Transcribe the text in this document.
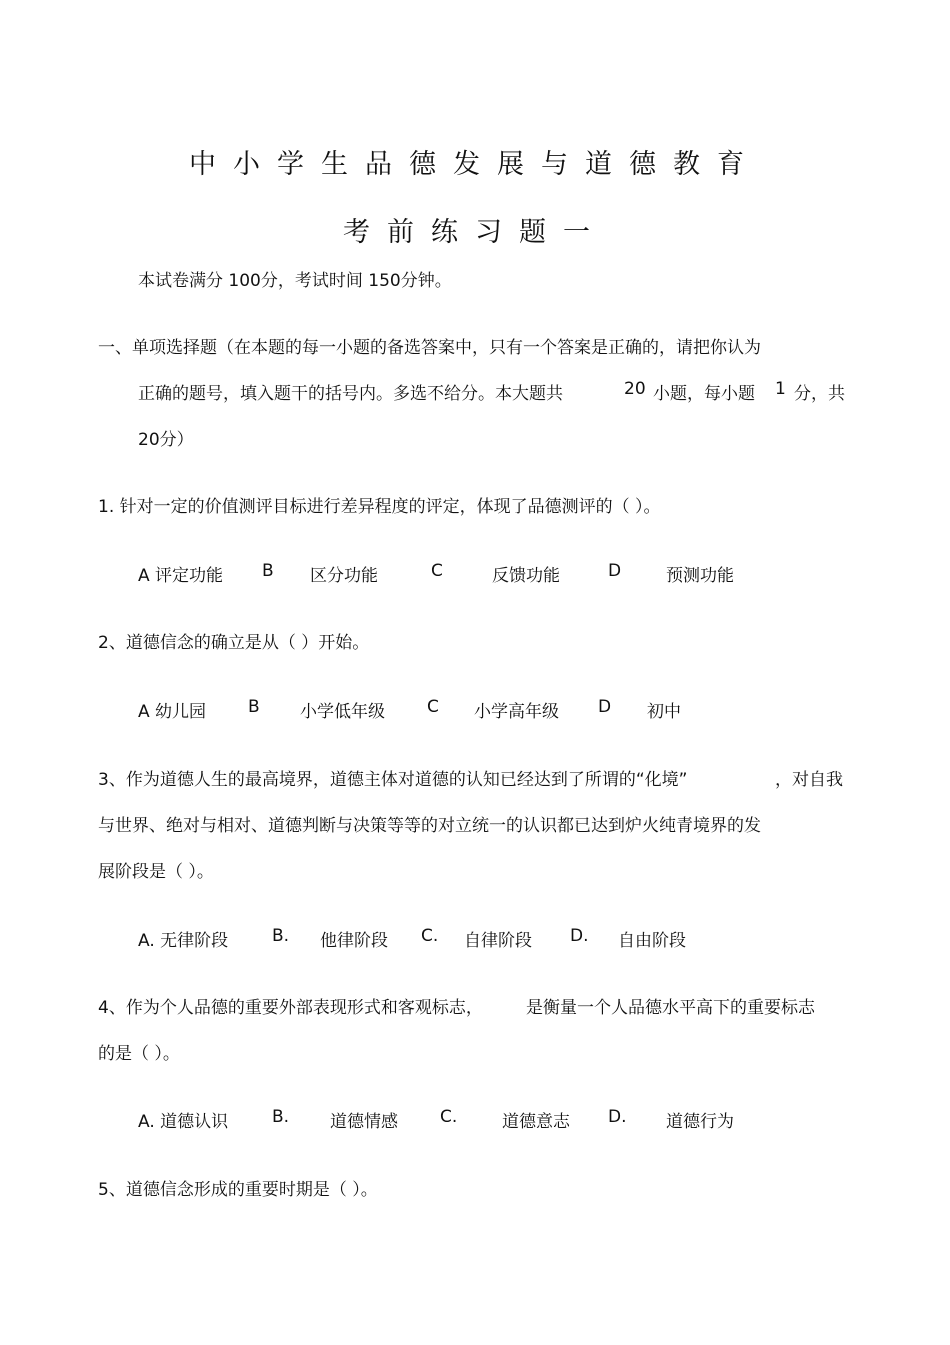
中小学生品德发展与道德教育
考前练习题一
本试卷满分 100分，考试时间 150分钟。
一、单项选择题（在本题的每一小题的备选答案中，只有一个答案是正确的，请把你认为
正确的题号，填入题干的括号内。多选不给分。本大题共	20 小题，每小题 1 分，共
20分）
1. 针对一定的价值测评目标进行差异程度的评定，体现了品德测评的（ ）。
A 评定功能 B 区分功能	C	反馈功能	D	预测功能
2、道德信念的确立是从（ ）开始。
A 幼儿园 B 小学低年级 C 小学高年级 D 初中
3、作为道德人生的最高境界，道德主体对道德的认知已经达到了所谓的“化境”	，对自我
与世界、绝对与相对、道德判断与决策等等的对立统一的认识都已达到炉火纯青境界的发
展阶段是（ ）。
A. 无律阶段	B. 他律阶段 C. 自律阶段 D. 自由阶段
4、作为个人品德的重要外部表现形式和客观标志，	是衡量一个人品德水平高下的重要标志
的是（ ）。
A. 道德认识	B. 道德情感 C.	道德意志 D. 道德行为
5、道德信念形成的重要时期是（ ）。
